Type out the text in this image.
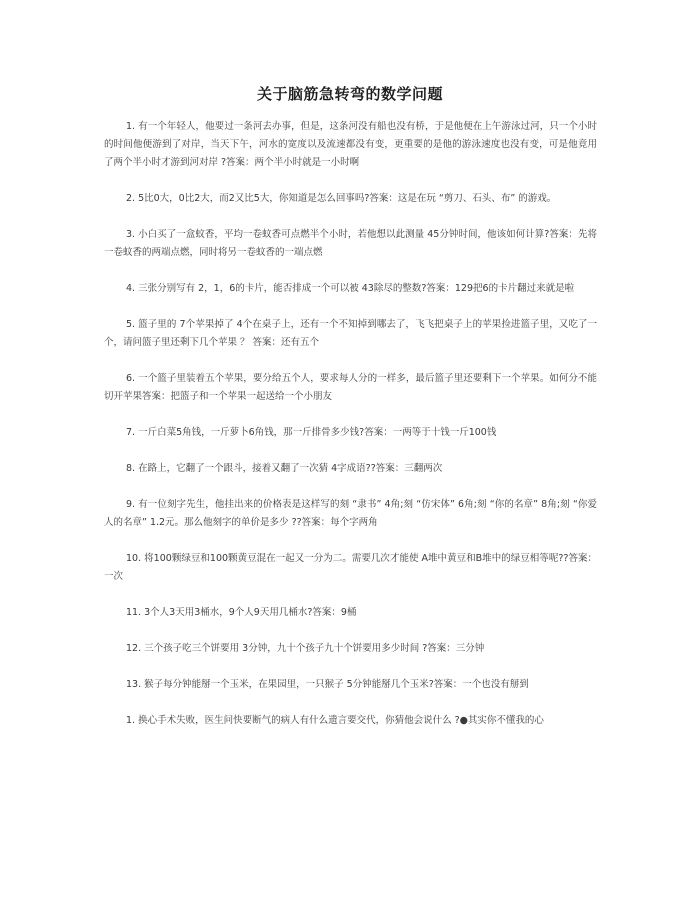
关于脑筋急转弯的数学问题

1. 有一个年轻人，他要过一条河去办事，但是，这条河没有船也没有桥，于是他便在上午游泳过河，只一个小时的时间他便游到了对岸，当天下午，河水的宽度以及流速都没有变，更重要的是他的游泳速度也没有变，可是他竟用了两个半小时才游到河对岸 ?答案：两个半小时就是一小时啊

2. 5比0大，0比2大，而2又比5大，你知道是怎么回事吗?答案：这是在玩 “剪刀、石头、布” 的游戏。

3. 小白买了一盒蚊香，平均一卷蚊香可点燃半个小时，若他想以此测量 45分钟时间，他该如何计算?答案：先将一卷蚊香的两端点燃，同时将另一卷蚊香的一端点燃

4. 三张分别写有 2，1，6的卡片，能否排成一个可以被 43除尽的整数?答案：129把6的卡片翻过来就是啦

5. 篮子里的 7个苹果掉了 4个在桌子上，还有一个不知掉到哪去了，飞飞把桌子上的苹果捡进篮子里，又吃了一个，请问篮子里还剩下几个苹果 ？ 答案：还有五个

6. 一个篮子里装着五个苹果，要分给五个人，要求每人分的一样多，最后篮子里还要剩下一个苹果。如何分不能切开苹果答案：把篮子和一个苹果一起送给一个小朋友

7. 一斤白菜5角钱，一斤萝卜6角钱，那一斤排骨多少钱?答案：一两等于十钱一斤100钱

8. 在路上，它翻了一个跟斗，接着又翻了一次猜 4字成语??答案：三翻两次

9. 有一位刻字先生，他挂出来的价格表是这样写的刻 “隶书” 4角;刻 “仿宋体” 6角;刻 “你的名章” 8角;刻 “你爱人的名章” 1.2元。那么他刻字的单价是多少 ??答案：每个字两角

10. 将100颗绿豆和100颗黄豆混在一起又一分为二。需要几次才能使 A堆中黄豆和B堆中的绿豆相等呢??答案：一次

11. 3个人3天用3桶水，9个人9天用几桶水?答案：9桶

12. 三个孩子吃三个饼要用 3分钟，九十个孩子九十个饼要用多少时间 ?答案：三分钟

13. 猴子每分钟能掰一个玉米，在果园里，一只猴子 5分钟能掰几个玉米?答案：一个也没有掰到

1. 换心手术失败，医生问快要断气的病人有什么遗言要交代，你猜他会说什么 ?●其实你不懂我的心
